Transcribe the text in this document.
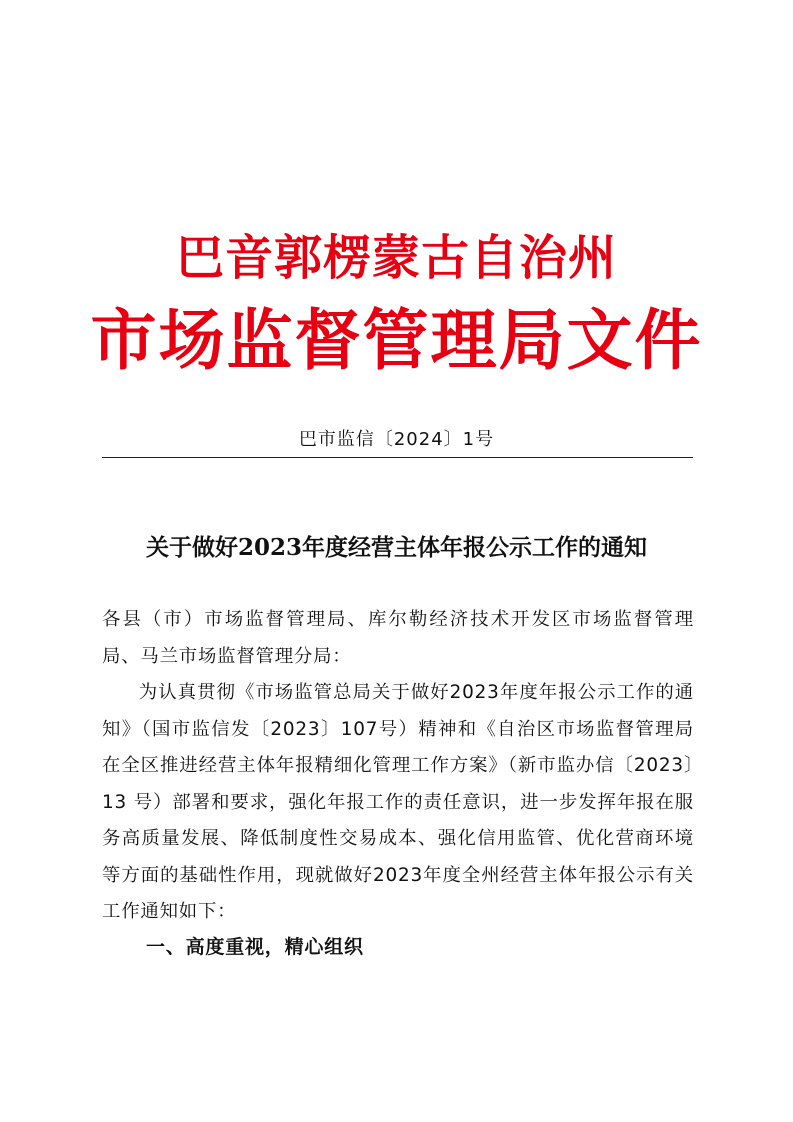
巴音郭楞蒙古自治州
市场监督管理局文件
巴市监信〔2024〕1号
关于做好2023年度经营主体年报公示工作的通知

各县（市）市场监督管理局、库尔勒经济技术开发区市场监督管理局、马兰市场监督管理分局：

为认真贯彻《市场监管总局关于做好2023年度年报公示工作的通知》（国市监信发〔2023〕107号）精神和《自治区市场监督管理局在全区推进经营主体年报精细化管理工作方案》（新市监办信〔2023〕13 号）部署和要求，强化年报工作的责任意识，进一步发挥年报在服务高质量发展、降低制度性交易成本、强化信用监管、优化营商环境等方面的基础性作用，现就做好2023年度全州经营主体年报公示有关工作通知如下：

一、高度重视，精心组织
